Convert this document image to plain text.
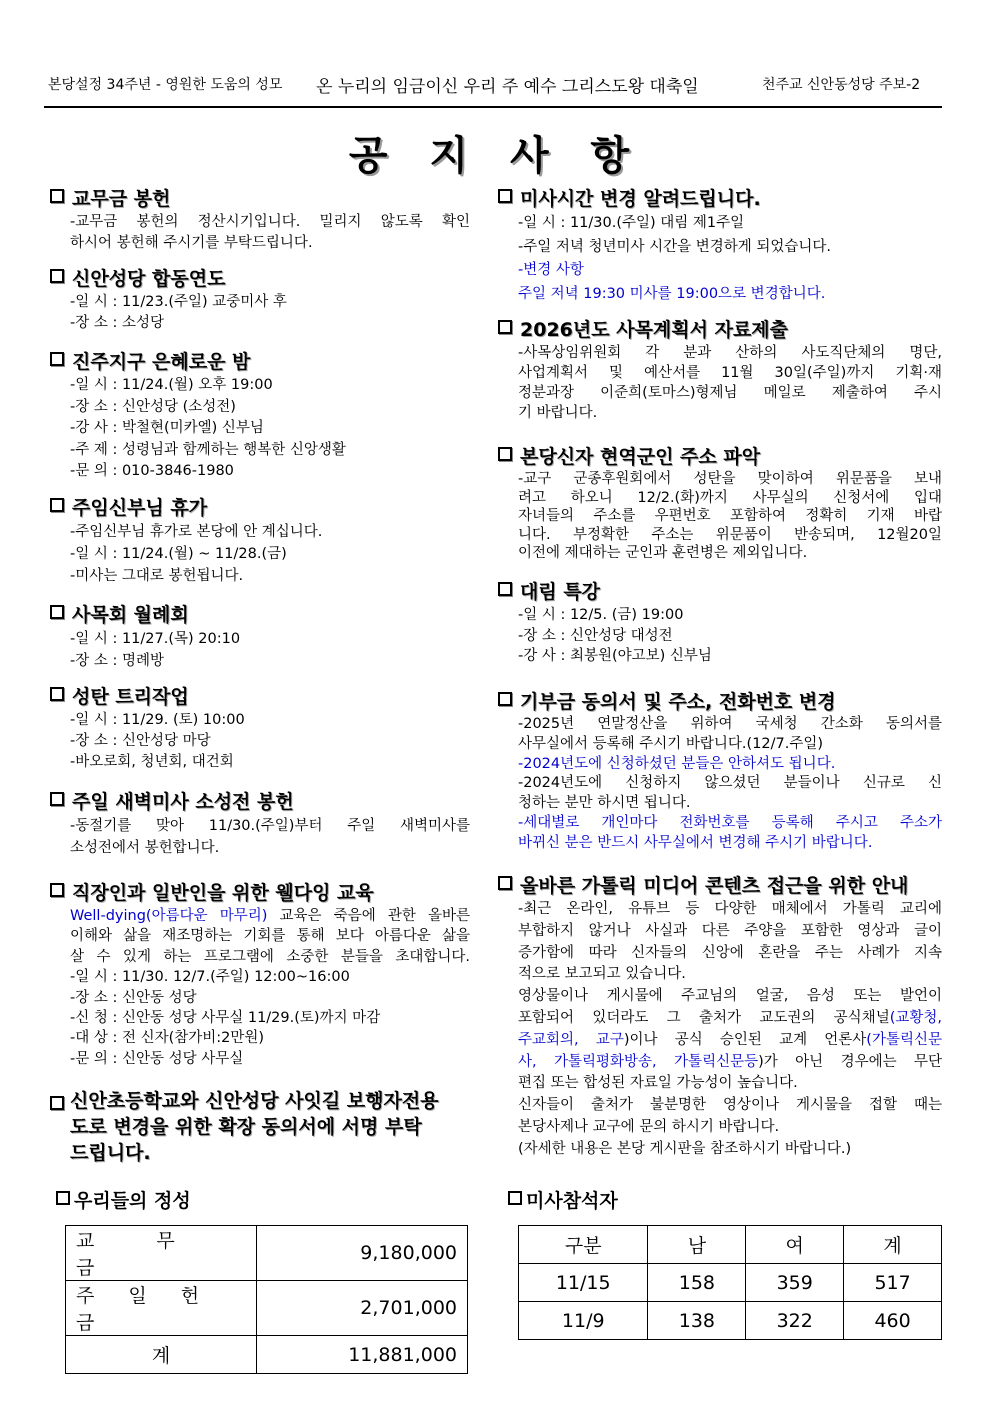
본당설정 34주년 - 영원한 도움의 성모 온 누리의 임금이신 우리 주 예수 그리스도왕 대축일	천주교 신안동성당 주보-2
공 지 사 항
교무금 봉헌
-교무금 봉헌의 정산시기입니다. 밀리지 않도록 확인
하시어 봉헌해 주시기를 부탁드립니다.
신안성당 합동연도
-일 시 : 11/23.(주일) 교중미사 후
-장 소 : 소성당
진주지구 은혜로운 밤
-일 시 : 11/24.(월) 오후 19:00
-장 소 : 신안성당 (소성전)
-강 사 : 박철현(미카엘) 신부님
-주 제 : 성령님과 함께하는 행복한 신앙생활
-문 의 : 010-3846-1980
주임신부님 휴가
-주임신부님 휴가로 본당에 안 계십니다.
-일 시 : 11/24.(월) ~ 11/28.(금)
-미사는 그대로 봉헌됩니다.
사목회 월례회
-일 시 : 11/27.(목) 20:10
-장 소 : 명례방
성탄 트리작업
-일 시 : 11/29. (토) 10:00
-장 소 : 신안성당 마당
-바오로회, 청년회, 대건회
주일 새벽미사 소성전 봉헌
-동절기를 맞아 11/30.(주일)부터 주일 새벽미사를
소성전에서 봉헌합니다.
직장인과 일반인을 위한 웰다잉 교육
Well-dying(아름다운 마무리) 교육은 죽음에 관한 올바른
이해와 삶을 재조명하는 기회를 통해 보다 아름다운 삶을
살 수 있게 하는 프로그램에 소중한 분들을 초대합니다.
-일 시 : 11/30. 12/7.(주일) 12:00~16:00
-장 소 : 신안동 성당
-신 청 : 신안동 성당 사무실 11/29.(토)까지 마감
-대 상 : 전 신자(참가비:2만원)
-문 의 : 신안동 성당 사무실
미사시간 변경 알려드립니다.
-일 시 : 11/30.(주일) 대림 제1주일
-주일 저녁 청년미사 시간을 변경하게 되었습니다.
-변경 사항
주일 저녁 19:30 미사를 19:00으로 변경합니다.
2026년도 사목계획서 자료제출
-사목상임위원회 각 분과 산하의 사도직단체의 명단,
사업계획서 및 예산서를 11월 30일(주일)까지 기획·재
정분과장 이준희(토마스)형제님 메일로 제출하여 주시
기 바랍니다.
본당신자 현역군인 주소 파악
-교구 군종후원회에서 성탄을 맞이하여 위문품을 보내
려고 하오니 12/2.(화)까지 사무실의 신청서에 입대
자녀들의 주소를 우편번호 포함하여 정확히 기재 바랍
니다. 부정확한 주소는 위문품이 반송되며, 12월20일
이전에 제대하는 군인과 훈련병은 제외입니다.
대림 특강
-일 시 : 12/5. (금) 19:00
-장 소 : 신안성당 대성전
-강 사 : 최봉원(야고보) 신부님
기부금 동의서 및 주소, 전화번호 변경
-2025년 연말정산을 위하여 국세청 간소화 동의서를
사무실에서 등록해 주시기 바랍니다.(12/7.주일)
-2024년도에 신청하셨던 분들은 안하셔도 됩니다.
-2024년도에 신청하지 않으셨던 분들이나 신규로 신
청하는 분만 하시면 됩니다.
-세대별로 개인마다 전화번호를 등록해 주시고 주소가
바뀌신 분은 반드시 사무실에서 변경해 주시기 바랍니다.
올바른 가톨릭 미디어 콘텐츠 접근을 위한 안내
-최근 온라인, 유튜브 등 다양한 매체에서 가톨릭 교리에
부합하지 않거나 사실과 다른 주양을 포함한 영상과 글이
증가함에 따라 신자들의 신앙에 혼란을 주는 사례가 지속
적으로 보고되고 있습니다.
영상물이나 게시물에 주교님의 얼굴, 음성 또는 발언이
포함되어 있더라도 그 출처가 교도권의 공식채널(교황청,
주교회의, 교구)이나 공식 승인된 교계 언론사(가톨릭신문
사, 가톨릭평화방송, 가톨릭신문등)가 아닌 경우에는 무단
편집 또는 합성된 자료일 가능성이 높습니다.
신자들이 출처가 불분명한 영상이나 게시물을 접할 때는
본당사제나 교구에 문의 하시기 바랍니다.
(자세한 내용은 본당 게시판을 참조하시기 바랍니다.)
신안초등학교와 신안성당 사잇길 보행자전용
도로 변경을 위한 확장 동의서에 서명 부탁
드립니다.
우리들의 정성
교 무 금	9,180,000
주 일 헌 금	2,701,000
계	11,881,000
미사참석자
구분	남	여	계
11/15	158	359	517
11/9	138	322	460
